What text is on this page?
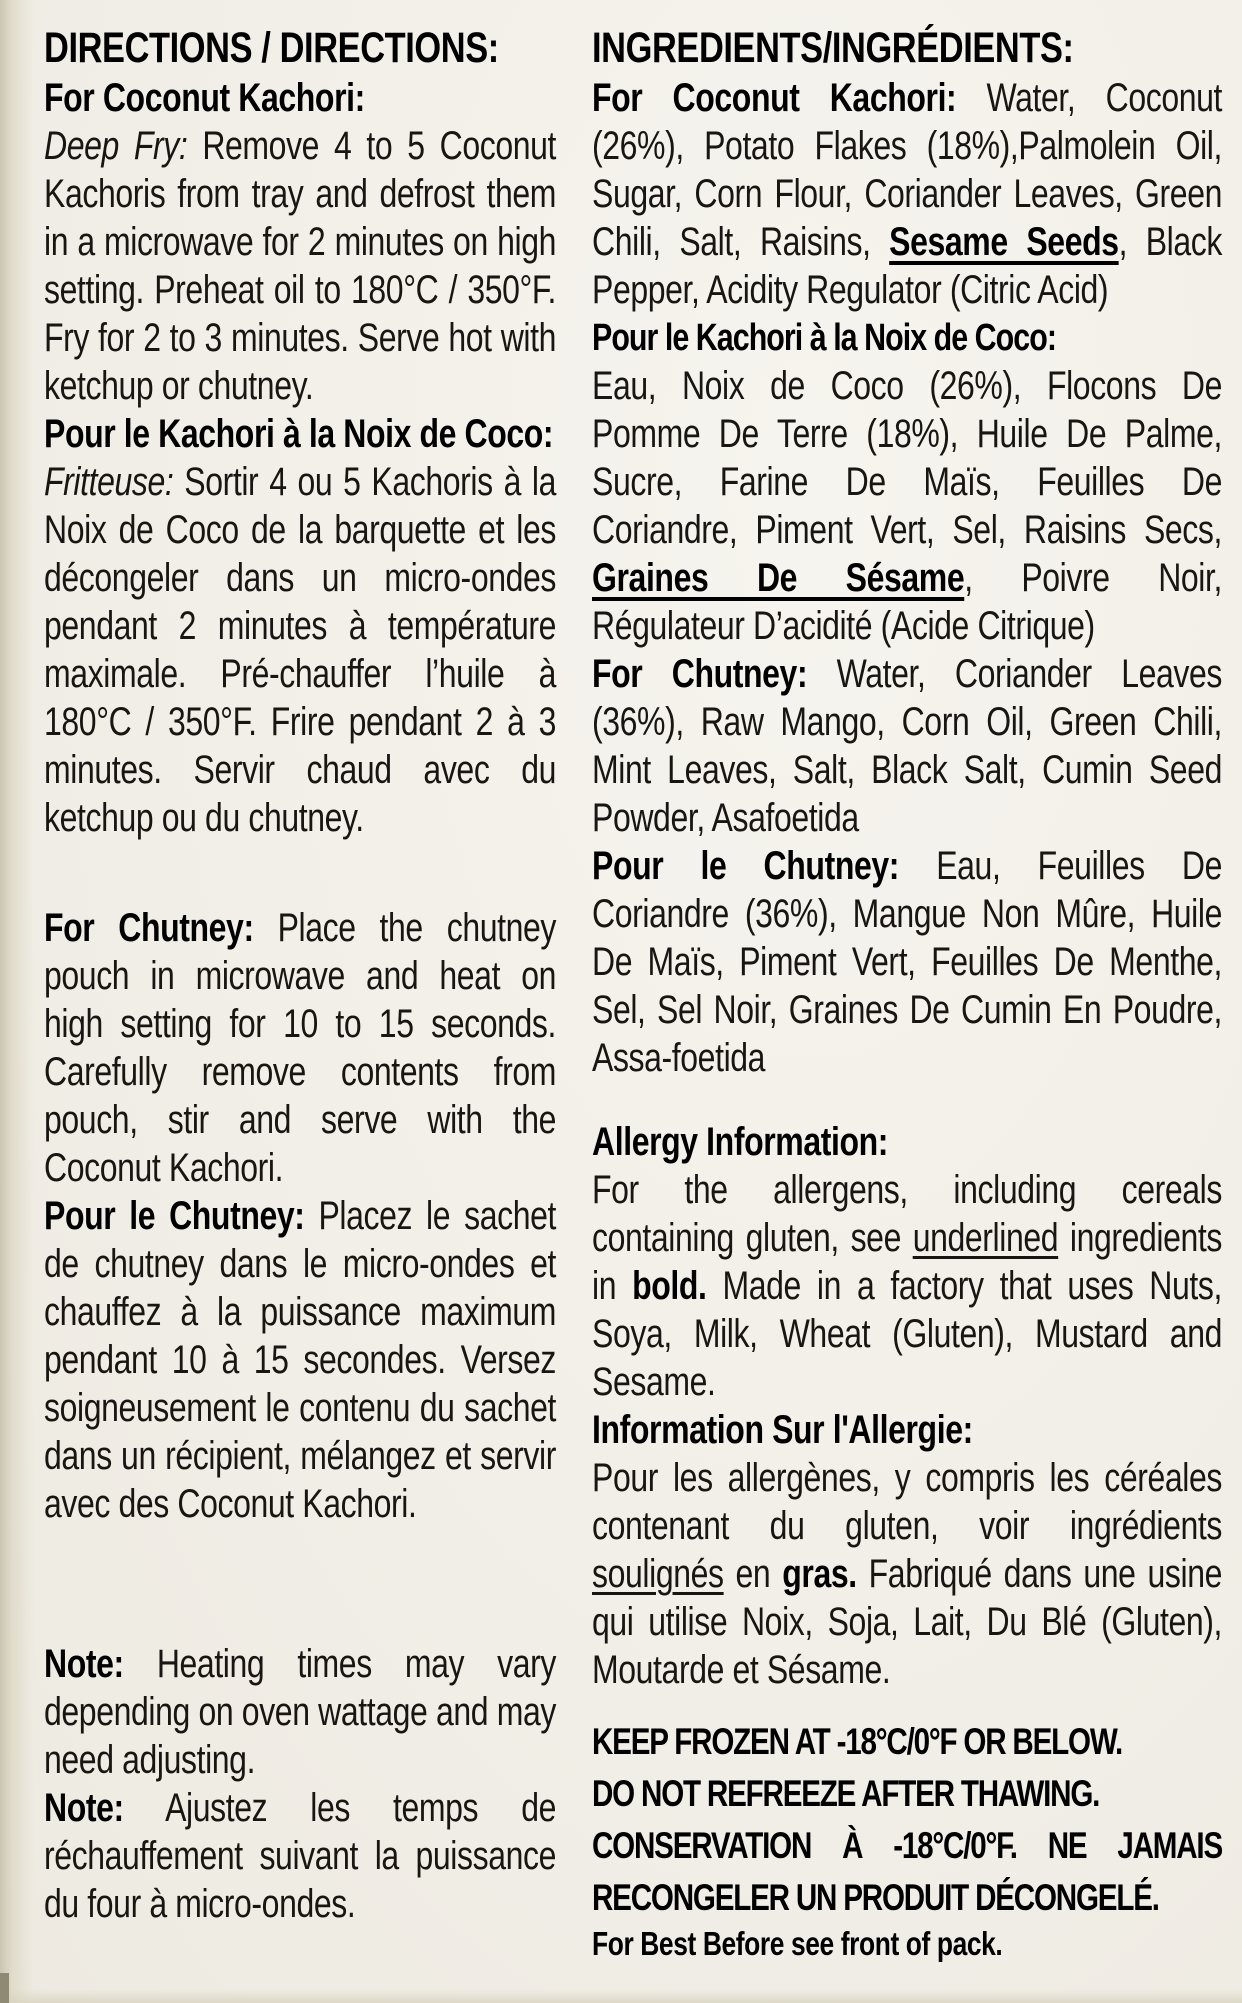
DIRECTIONS / DIRECTIONS:

For Coconut Kachori:

Deep Fry: Remove 4 to 5 Coconut Kachoris from tray and defrost them in a microwave for 2 minutes on high setting. Preheat oil to 180°C / 350°F. Fry for 2 to 3 minutes. Serve hot with ketchup or chutney.

Pour le Kachori à la Noix de Coco:

Fritteuse: Sortir 4 ou 5 Kachoris à la Noix de Coco de la barquette et les décongeler dans un micro-ondes pendant 2 minutes à température maximale. Pré-chauffer l’huile à 180°C / 350°F. Frire pendant 2 à 3 minutes. Servir chaud avec du ketchup ou du chutney.

For Chutney: Place the chutney pouch in microwave and heat on high setting for 10 to 15 seconds. Carefully remove contents from pouch, stir and serve with the Coconut Kachori.

Pour le Chutney: Placez le sachet de chutney dans le micro-ondes et chauffez à la puissance maximum pendant 10 à 15 secondes. Versez soigneusement le contenu du sachet dans un récipient, mélangez et servir avec des Coconut Kachori.

Note: Heating times may vary depending on oven wattage and may need adjusting.

Note: Ajustez les temps de réchauffement suivant la puissance du four à micro-ondes.

INGREDIENTS/INGRÉDIENTS:

For Coconut Kachori: Water, Coconut (26%), Potato Flakes (18%),Palmolein Oil, Sugar, Corn Flour, Coriander Leaves, Green Chili, Salt, Raisins, Sesame Seeds, Black Pepper, Acidity Regulator (Citric Acid)

Pour le Kachori à la Noix de Coco:

Eau, Noix de Coco (26%), Flocons De Pomme De Terre (18%), Huile De Palme, Sucre, Farine De Maïs, Feuilles De Coriandre, Piment Vert, Sel, Raisins Secs, Graines De Sésame, Poivre Noir, Régulateur D’acidité (Acide Citrique)

For Chutney: Water, Coriander Leaves (36%), Raw Mango, Corn Oil, Green Chili, Mint Leaves, Salt, Black Salt, Cumin Seed Powder, Asafoetida

Pour le Chutney: Eau, Feuilles De Coriandre (36%), Mangue Non Mûre, Huile De Maïs, Piment Vert, Feuilles De Menthe, Sel, Sel Noir, Graines De Cumin En Poudre, Assa-foetida

Allergy Information:

For the allergens, including cereals containing gluten, see underlined ingredients in bold. Made in a factory that uses Nuts, Soya, Milk, Wheat (Gluten), Mustard and Sesame.

Information Sur l'Allergie:

Pour les allergènes, y compris les céréales contenant du gluten, voir ingrédients soulignés en gras. Fabriqué dans une usine qui utilise Noix, Soja, Lait, Du Blé (Gluten), Moutarde et Sésame.

KEEP FROZEN AT -18°C/0°F OR BELOW.

DO NOT REFREEZE AFTER THAWING.

CONSERVATION À -18°C/0°F. NE JAMAIS RECONGELER UN PRODUIT DÉCONGELÉ.

For Best Before see front of pack.
